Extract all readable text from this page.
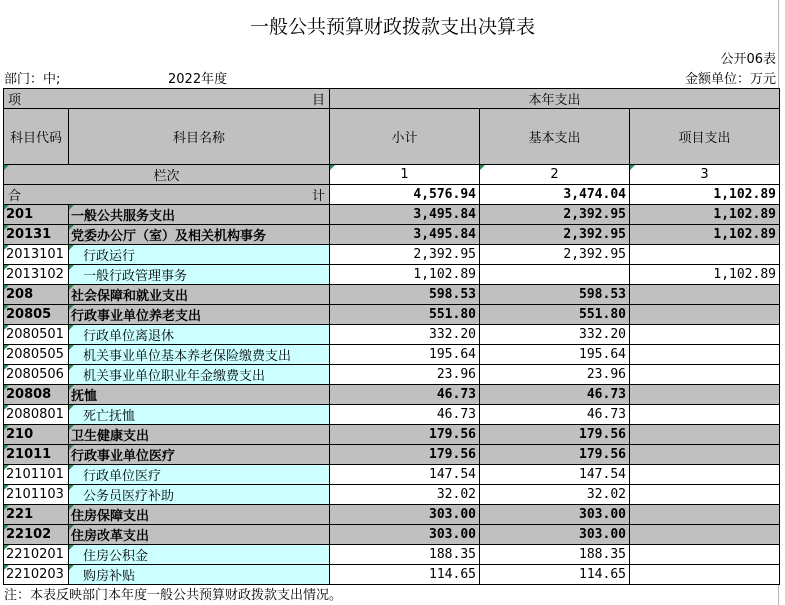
一般公共预算财政拨款支出决算表
公开06表
部门：中;	2022年度	金额单位：万元
项 目		本年支出		
科目代码	科目名称	小计	基本支出	项目支出
栏次		1	2	3
合 计		4,576.94	3,474.04	1,102.89
201	一般公共服务支出	3,495.84	2,392.95	1,102.89
20131	党委办公厅（室）及相关机构事务	3,495.84	2,392.95	1,102.89
2013101	行政运行	2,392.95	2,392.95	
2013102	一般行政管理事务	1,102.89		1,102.89
208	社会保障和就业支出	598.53	598.53	
20805	行政事业单位养老支出	551.80	551.80	
2080501	行政单位离退休	332.20	332.20	
2080505	机关事业单位基本养老保险缴费支出	195.64	195.64	
2080506	机关事业单位职业年金缴费支出	23.96	23.96	
20808	抚恤	46.73	46.73	
2080801	死亡抚恤	46.73	46.73	
210	卫生健康支出	179.56	179.56	
21011	行政事业单位医疗	179.56	179.56	
2101101	行政单位医疗	147.54	147.54	
2101103	公务员医疗补助	32.02	32.02	
221	住房保障支出	303.00	303.00	
22102	住房改革支出	303.00	303.00	
2210201	住房公积金	188.35	188.35	
2210203	购房补贴	114.65	114.65	
注：本表反映部门本年度一般公共预算财政拨款支出情况。
